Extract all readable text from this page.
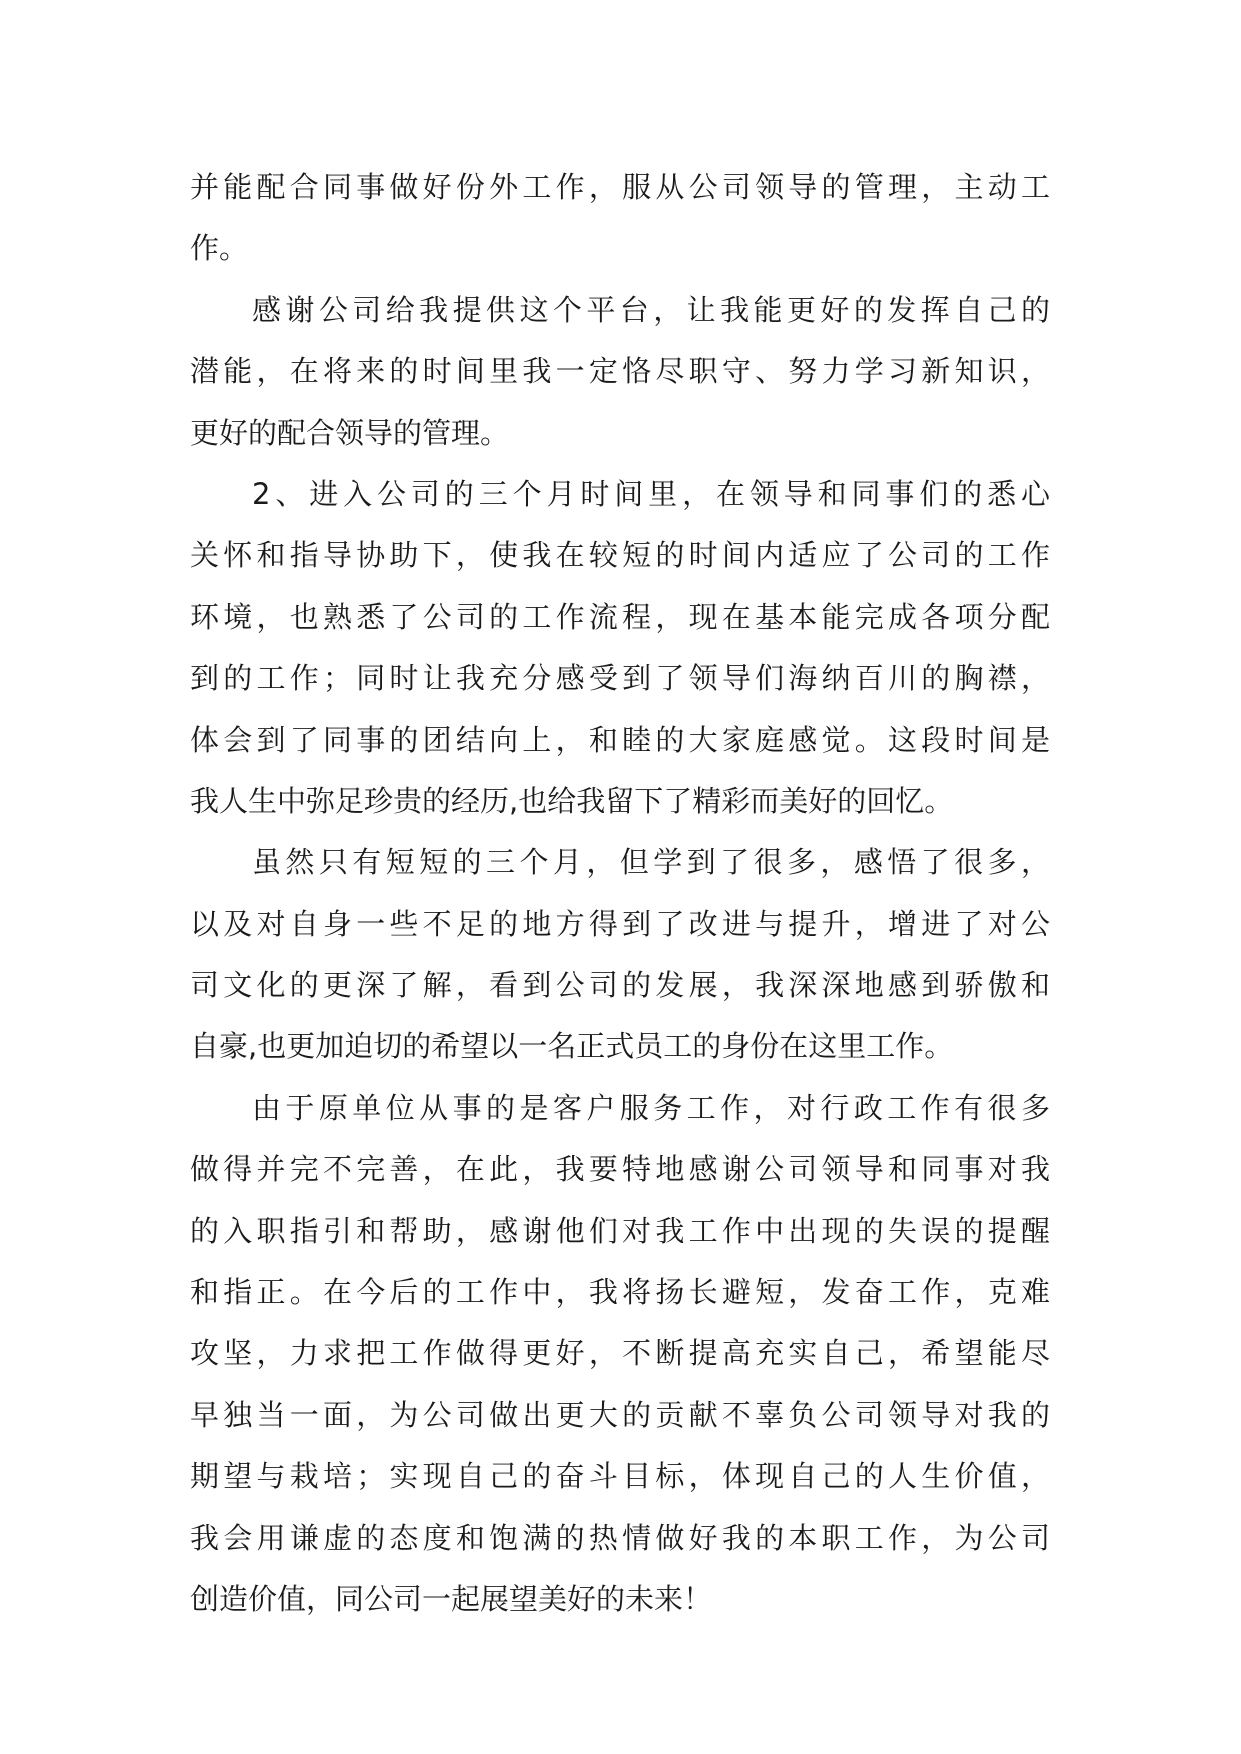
并能配合同事做好份外工作，服从公司领导的管理，主动工
作。
感谢公司给我提供这个平台，让我能更好的发挥自己的
潜能，在将来的时间里我一定恪尽职守、努力学习新知识，
更好的配合领导的管理。
2、进入公司的三个月时间里，在领导和同事们的悉心
关怀和指导协助下，使我在较短的时间内适应了公司的工作
环境，也熟悉了公司的工作流程，现在基本能完成各项分配
到的工作；同时让我充分感受到了领导们海纳百川的胸襟，
体会到了同事的团结向上，和睦的大家庭感觉。这段时间是
我人生中弥足珍贵的经历,也给我留下了精彩而美好的回忆。
虽然只有短短的三个月，但学到了很多，感悟了很多，
以及对自身一些不足的地方得到了改进与提升，增进了对公
司文化的更深了解，看到公司的发展，我深深地感到骄傲和
自豪,也更加迫切的希望以一名正式员工的身份在这里工作。
由于原单位从事的是客户服务工作，对行政工作有很多
做得并完不完善，在此，我要特地感谢公司领导和同事对我
的入职指引和帮助，感谢他们对我工作中出现的失误的提醒
和指正。在今后的工作中，我将扬长避短，发奋工作，克难
攻坚，力求把工作做得更好，不断提高充实自己，希望能尽
早独当一面，为公司做出更大的贡献不辜负公司领导对我的
期望与栽培；实现自己的奋斗目标，体现自己的人生价值，
我会用谦虚的态度和饱满的热情做好我的本职工作，为公司
创造价值，同公司一起展望美好的未来！
